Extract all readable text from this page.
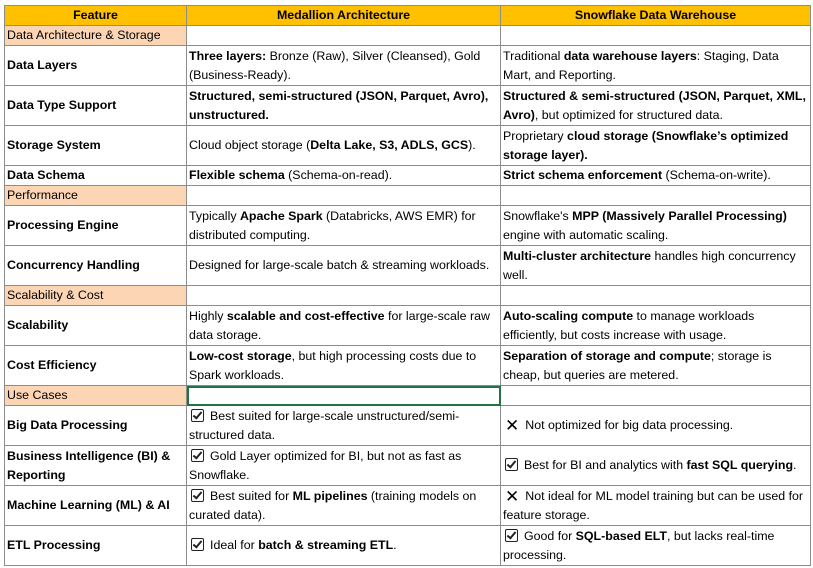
Feature	Medallion Architecture	Snowflake Data Warehouse
Data Architecture & Storage		
Data Layers	Three layers: Bronze (Raw), Silver (Cleansed), Gold (Business-Ready).	Traditional data warehouse layers: Staging, Data Mart, and Reporting.
Data Type Support	Structured, semi-structured (JSON, Parquet, Avro), unstructured.	Structured & semi-structured (JSON, Parquet, XML, Avro), but optimized for structured data.
Storage System	Cloud object storage (Delta Lake, S3, ADLS, GCS).	Proprietary cloud storage (Snowflake’s optimized storage layer).
Data Schema	Flexible schema (Schema-on-read).	Strict schema enforcement (Schema-on-write).
Performance		
Processing Engine	Typically Apache Spark (Databricks, AWS EMR) for distributed computing.	Snowflake's MPP (Massively Parallel Processing) engine with automatic scaling.
Concurrency Handling	Designed for large-scale batch & streaming workloads.	Multi-cluster architecture handles high concurrency well.
Scalability & Cost		
Scalability	Highly scalable and cost-effective for large-scale raw data storage.	Auto-scaling compute to manage workloads efficiently, but costs increase with usage.
Cost Efficiency	Low-cost storage, but high processing costs due to Spark workloads.	Separation of storage and compute; storage is cheap, but queries are metered.
Use Cases		
Big Data Processing	Best suited for large-scale unstructured/semi-structured data.	✕ Not optimized for big data processing.
Business Intelligence (BI) & Reporting	Gold Layer optimized for BI, but not as fast as Snowflake.	Best for BI and analytics with fast SQL querying.
Machine Learning (ML) & AI	Best suited for ML pipelines (training models on curated data).	✕ Not ideal for ML model training but can be used for feature storage.
ETL Processing	Ideal for batch & streaming ETL.	Good for SQL-based ELT, but lacks real-time processing.
